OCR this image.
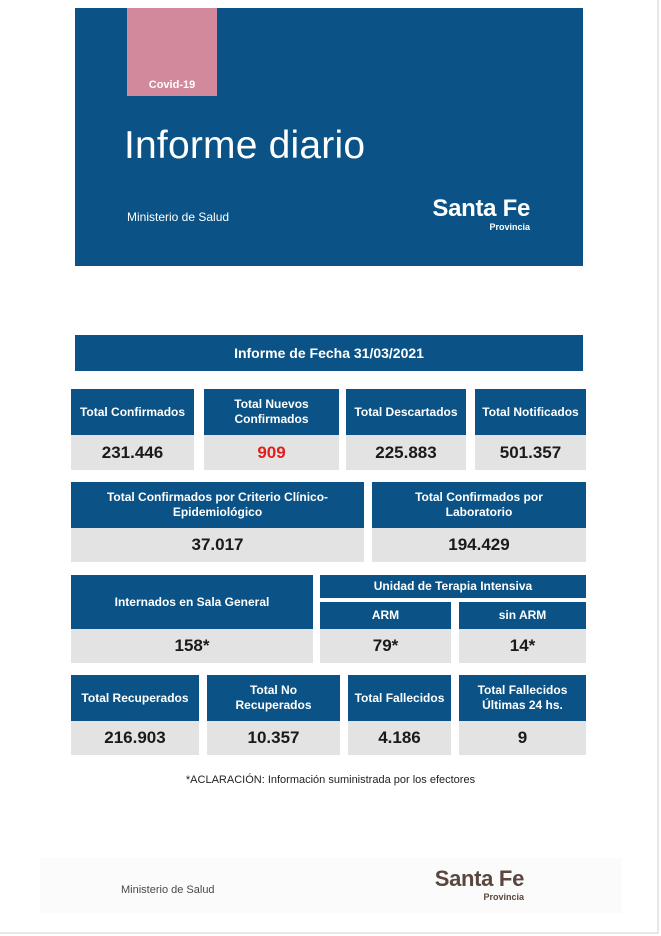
Covid-19
Informe diario
Ministerio de Salud	Santa Fe
Provincia
Informe de Fecha 31/03/2021
Total Confirmados
231.446
Total Nuevos Confirmados
909
Total Descartados
225.883
Total Notificados
501.357
Total Confirmados por Criterio Clínico-Epidemiológico
37.017
Total Confirmados por Laboratorio
194.429
Internados en Sala General
158*
Unidad de Terapia Intensiva
ARM
79*
sin ARM
14*
Total Recuperados
216.903
Total No Recuperados
10.357
Total Fallecidos
4.186
Total Fallecidos Últimas 24 hs.
9
*ACLARACIÓN: Información suministrada por los efectores
Ministerio de Salud	Santa Fe
Provincia
